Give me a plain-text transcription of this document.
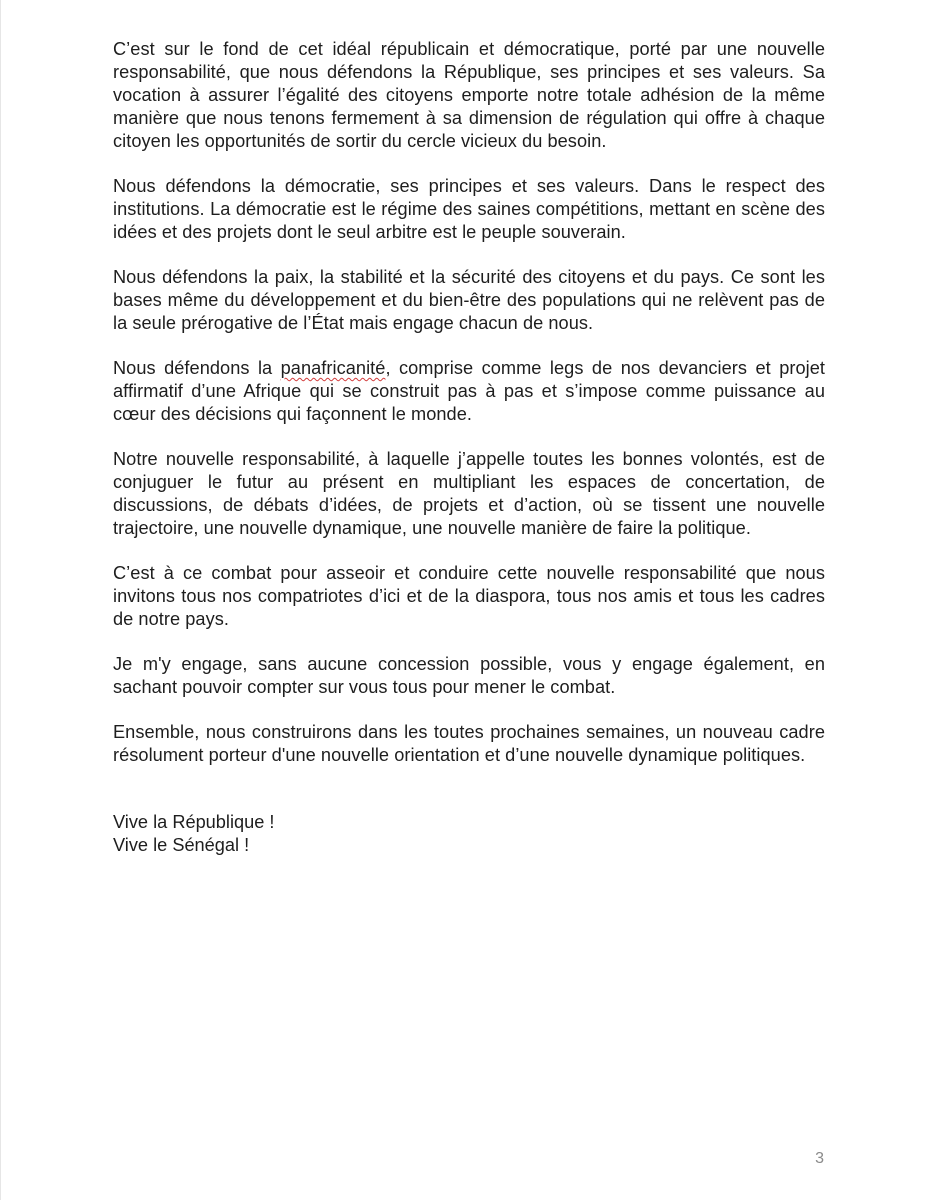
C’est sur le fond de cet idéal républicain et démocratique, porté par une nouvelle responsabilité, que nous défendons la République, ses principes et ses valeurs. Sa vocation à assurer l’égalité des citoyens emporte notre totale adhésion de la même manière que nous tenons fermement à sa dimension de régulation qui offre à chaque citoyen les opportunités de sortir du cercle vicieux du besoin.

Nous défendons la démocratie, ses principes et ses valeurs. Dans le respect des institutions. La démocratie est le régime des saines compétitions, mettant en scène des idées et des projets dont le seul arbitre est le peuple souverain.

Nous défendons la paix, la stabilité et la sécurité des citoyens et du pays. Ce sont les bases même du développement et du bien-être des populations qui ne relèvent pas de la seule prérogative de l’État mais engage chacun de nous.

Nous défendons la panafricanité, comprise comme legs de nos devanciers et projet affirmatif d’une Afrique qui se construit pas à pas et s’impose comme puissance au cœur des décisions qui façonnent le monde.

Notre nouvelle responsabilité, à laquelle j’appelle toutes les bonnes volontés, est de conjuguer le futur au présent en multipliant les espaces de concertation, de discussions, de débats d’idées, de projets et d’action, où se tissent une nouvelle trajectoire, une nouvelle dynamique, une nouvelle manière de faire la politique.

C’est à ce combat pour asseoir et conduire cette nouvelle responsabilité que nous invitons tous nos compatriotes d’ici et de la diaspora, tous nos amis et tous les cadres de notre pays.

Je m'y engage, sans aucune concession possible, vous y engage également, en sachant pouvoir compter sur vous tous pour mener le combat.

Ensemble, nous construirons dans les toutes prochaines semaines, un nouveau cadre résolument porteur d'une nouvelle orientation et d’une nouvelle dynamique politiques.

Vive la République !
Vive le Sénégal !
3
